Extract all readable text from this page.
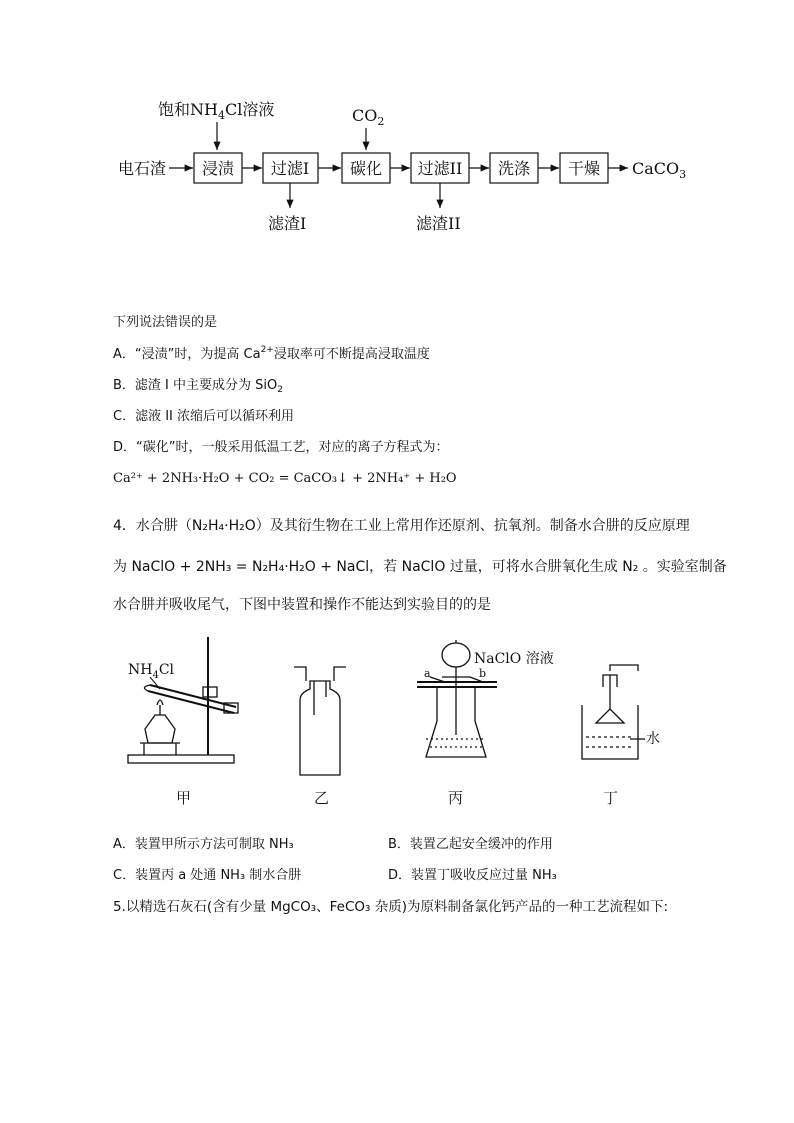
饱和$NH_4Cl$溶液	$CO_2$
电石渣 浸渍 过滤I	碳化 过滤II 洗涤 干燥 CaCO$_3$
滤渣I	滤渣II
下列说法错误的是
A．“浸渍”时，为提高 $Ca^{2+}$浸取率可不断提高浸取温度
B．滤渣 I 中主要成分为 SiO$_2$
C．滤液 II 浓缩后可以循环利用
D．“碳化”时，一般采用低温工艺，对应的离子方程式为：
Ca²⁺ + 2NH₃·H₂O + CO₂ = CaCO₃↓ + 2NH₄⁺ + H₂O
4．水合肼（N₂H₄·H₂O）及其衍生物在工业上常用作还原剂、抗氧剂。制备水合肼的反应原理
为 NaClO + 2NH₃ = N₂H₄·H₂O + NaCl，若 NaClO 过量，可将水合肼氧化生成 N₂ 。实验室制备
水合肼并吸收尾气，下图中装置和操作不能达到实验目的的是
$NH_4Cl$	a	b
NaClO 溶液
水
甲	乙	丙	丁
A．装置甲所示方法可制取 NH₃	B．装置乙起安全缓冲的作用
C．装置丙 a 处通 NH₃ 制水合肼	D．装置丁吸收反应过量 NH₃
5.以精选石灰石(含有少量 MgCO₃、FeCO₃ 杂质)为原料制备氯化钙产品的一种工艺流程如下:
